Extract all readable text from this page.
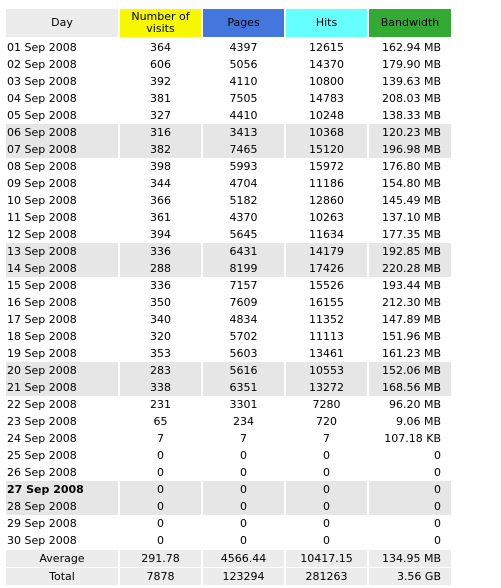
Day	Number of visits	Pages	Hits	Bandwidth

01 Sep 2008	364	4397	12615	162.94 MB
02 Sep 2008	606	5056	14370	179.90 MB
03 Sep 2008	392	4110	10800	139.63 MB
04 Sep 2008	381	7505	14783	208.03 MB
05 Sep 2008	327	4410	10248	138.33 MB
06 Sep 2008	316	3413	10368	120.23 MB
07 Sep 2008	382	7465	15120	196.98 MB
08 Sep 2008	398	5993	15972	176.80 MB
09 Sep 2008	344	4704	11186	154.80 MB
10 Sep 2008	366	5182	12860	145.49 MB
11 Sep 2008	361	4370	10263	137.10 MB
12 Sep 2008	394	5645	11634	177.35 MB
13 Sep 2008	336	6431	14179	192.85 MB
14 Sep 2008	288	8199	17426	220.28 MB
15 Sep 2008	336	7157	15526	193.44 MB
16 Sep 2008	350	7609	16155	212.30 MB
17 Sep 2008	340	4834	11352	147.89 MB
18 Sep 2008	320	5702	11113	151.96 MB
19 Sep 2008	353	5603	13461	161.23 MB
20 Sep 2008	283	5616	10553	152.06 MB
21 Sep 2008	338	6351	13272	168.56 MB
22 Sep 2008	231	3301	7280	96.20 MB
23 Sep 2008	65	234	720	9.06 MB
24 Sep 2008	7	7	7	107.18 KB
25 Sep 2008	0	0	0	0
26 Sep 2008	0	0	0	0
27 Sep 2008	0	0	0	0
28 Sep 2008	0	0	0	0
29 Sep 2008	0	0	0	0
30 Sep 2008	0	0	0	0

Average	291.78	4566.44	10417.15	134.95 MB

Total	7878	123294	281263	3.56 GB
